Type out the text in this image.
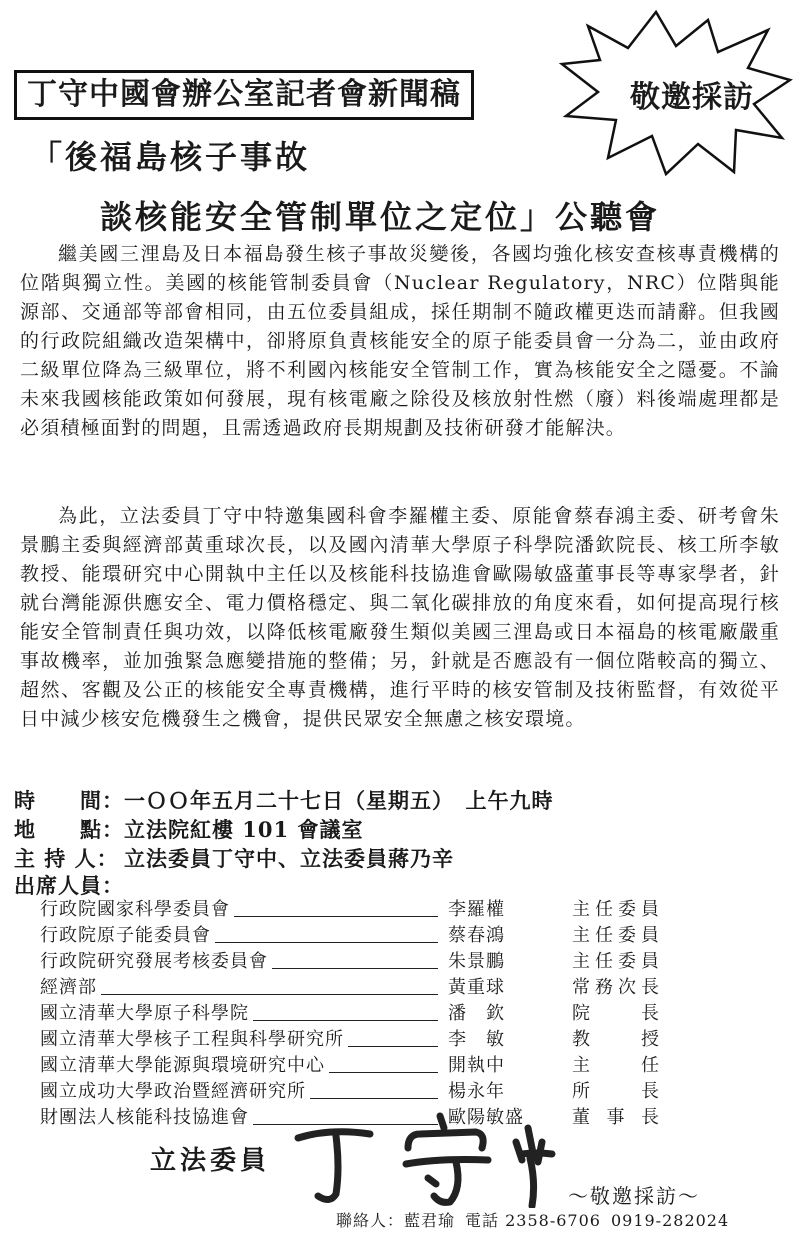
敬邀採訪
丁守中國會辦公室記者會新聞稿
「後福島核子事故
談核能安全管制單位之定位」公聽會
繼美國三浬島及日本福島發生核子事故災變後，各國均強化核安查核專責機構的位階與獨立性。美國的核能管制委員會（Nuclear Regulatory，NRC）位階與能源部、交通部等部會相同，由五位委員組成，採任期制不隨政權更迭而請辭。但我國的行政院組織改造架構中，卻將原負責核能安全的原子能委員會一分為二，並由政府二級單位降為三級單位，將不利國內核能安全管制工作，實為核能安全之隱憂。不論未來我國核能政策如何發展，現有核電廠之除役及核放射性燃（廢）料後端處理都是必須積極面對的問題，且需透過政府長期規劃及技術研發才能解決。
為此，立法委員丁守中特邀集國科會李羅權主委、原能會蔡春鴻主委、研考會朱景鵬主委與經濟部黃重球次長，以及國內清華大學原子科學院潘欽院長、核工所李敏教授、能環研究中心開執中主任以及核能科技協進會歐陽敏盛董事長等專家學者，針就台灣能源供應安全、電力價格穩定、與二氧化碳排放的角度來看，如何提高現行核能安全管制責任與功效，以降低核電廠發生類似美國三浬島或日本福島的核電廠嚴重事故機率，並加強緊急應變措施的整備；另，針就是否應設有一個位階較高的獨立、超然、客觀及公正的核能安全專責機構，進行平時的核安管制及技術監督，有效從平日中減少核安危機發生之機會，提供民眾安全無慮之核安環境。
時　　間：一ＯＯ年五月二十七日（星期五）　上午九時
地　　點：立法院紅樓 101 會議室
主 持 人： 立法委員丁守中、立法委員蔣乃辛
出席人員：
行政院國家科學委員會	李羅權	主任委員
行政院原子能委員會	蔡春鴻	主任委員
行政院研究發展考核委員會	朱景鵬	主任委員
經濟部	黃重球	常務次長
國立清華大學原子科學院	潘　欽	院長
國立清華大學核子工程與科學研究所	李　敏	教授
國立清華大學能源與環境研究中心	開執中	主任
國立成功大學政治暨經濟研究所	楊永年	所長
財團法人核能科技協進會	歐陽敏盛	董事長
立法委員
～敬邀採訪～
聯絡人：藍君瑜 電話 2358-6706 0919-282024
